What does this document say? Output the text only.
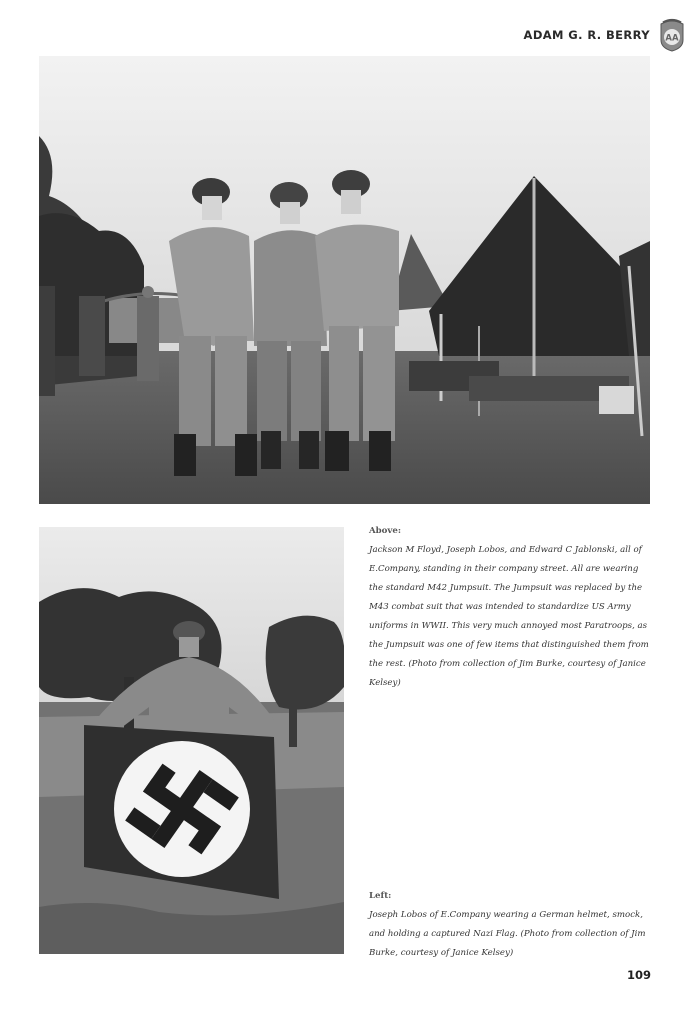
ADAM G. R. BERRY AA
Above:
Jackson M Floyd, Joseph Lobos, and Edward C Jablonski, all of E.Company, standing in their company street. All are wearing the standard M42 Jumpsuit. The Jumpsuit was replaced by the M43 combat suit that was intended to standardize US Army uniforms in WWII. This very much annoyed most Paratroops, as the Jumpsuit was one of few items that distinguished them from the rest. (Photo from collection of Jim Burke, courtesy of Janice Kelsey)
Left:
Joseph Lobos of E.Company wearing a German helmet, smock, and holding a captured Nazi Flag. (Photo from collection of Jim Burke, courtesy of Janice Kelsey)
109
